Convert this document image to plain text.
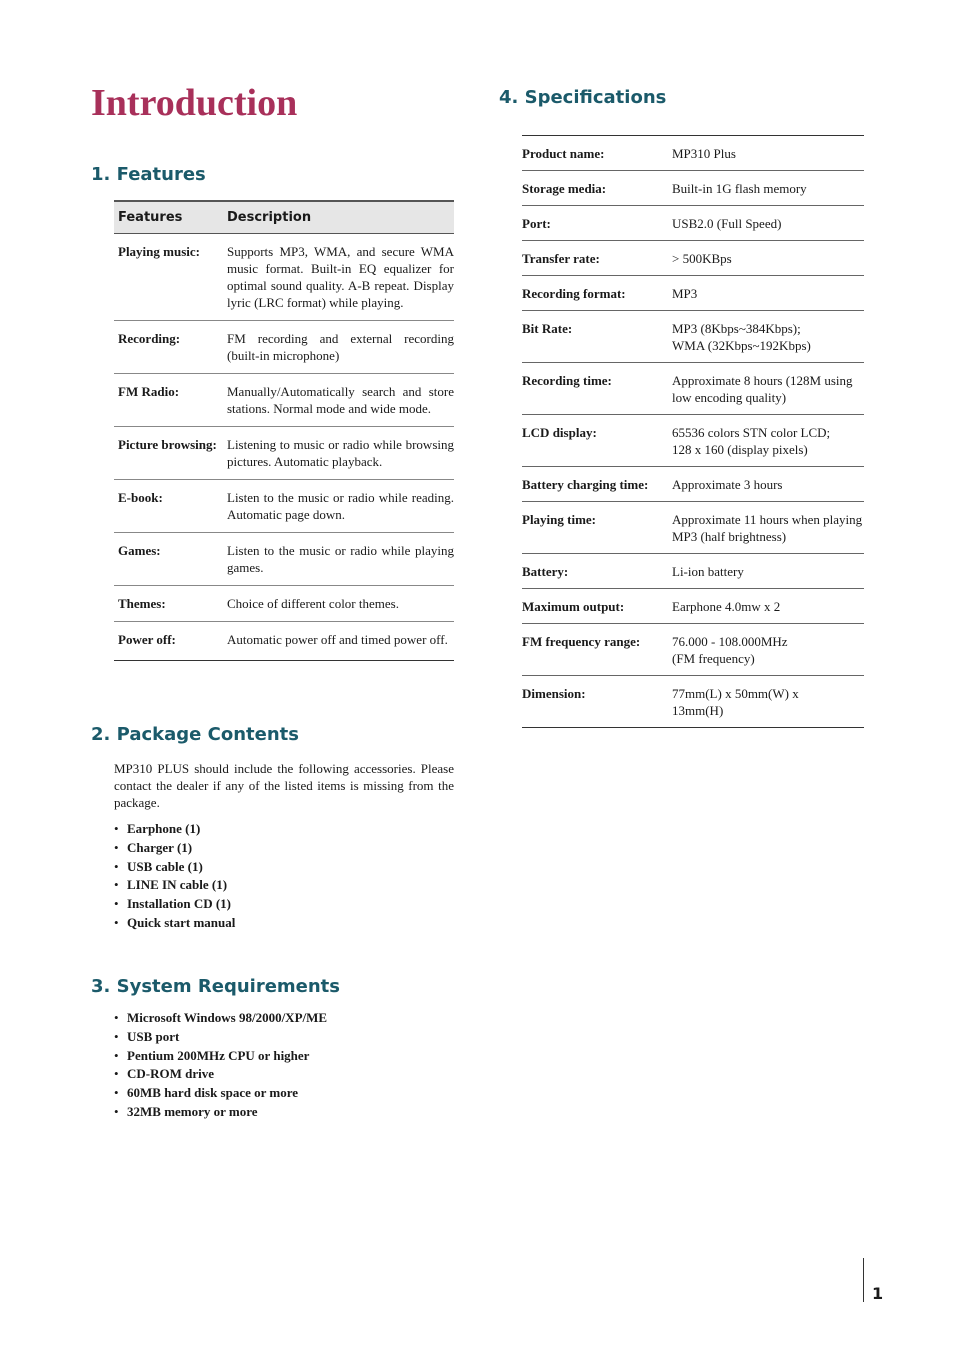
Introduction
1. Features
Features	Description
Playing music:	Supports MP3, WMA, and secure WMA music format. Built-in EQ equalizer for optimal sound quality. A-B repeat. Display lyric (LRC format) while playing.
Recording:	FM recording and external recording (built-in microphone)
FM Radio:	Manually/Automatically search and store stations. Normal mode and wide mode.
Picture browsing:	Listening to music or radio while browsing pictures. Automatic playback.
E-book:	Listen to the music or radio while reading. Automatic page down.
Games:	Listen to the music or radio while playing games.
Themes:	Choice of different color themes.
Power off:	Automatic power off and timed power off.
2. Package Contents

MP310 PLUS should include the following accessories. Please contact the dealer if any of the listed items is missing from the package.

• Earphone (1)
• Charger (1)
• USB cable (1)
• LINE IN cable (1)
• Installation CD (1)
• Quick start manual
3. System Requirements
• Microsoft Windows 98/2000/XP/ME
• USB port
• Pentium 200MHz CPU or higher
• CD-ROM drive
• 60MB hard disk space or more
• 32MB memory or more
4. Specifications
Product name:	MP310 Plus
Storage media:	Built-in 1G flash memory
Port:	USB2.0 (Full Speed)
Transfer rate:	> 500KBps
Recording format:	MP3
Bit Rate:	MP3 (8Kbps~384Kbps);
WMA (32Kbps~192Kbps)
Recording time:	Approximate 8 hours (128M using low encoding quality)
LCD display:	65536 colors STN color LCD;
128 x 160 (display pixels)
Battery charging time:	Approximate 3 hours
Playing time:	Approximate 11 hours when playing MP3 (half brightness)
Battery:	Li-ion battery
Maximum output:	Earphone 4.0mw x 2
FM frequency range:	76.000 - 108.000MHz
(FM frequency)
Dimension:	77mm(L) x 50mm(W) x 13mm(H)
1
